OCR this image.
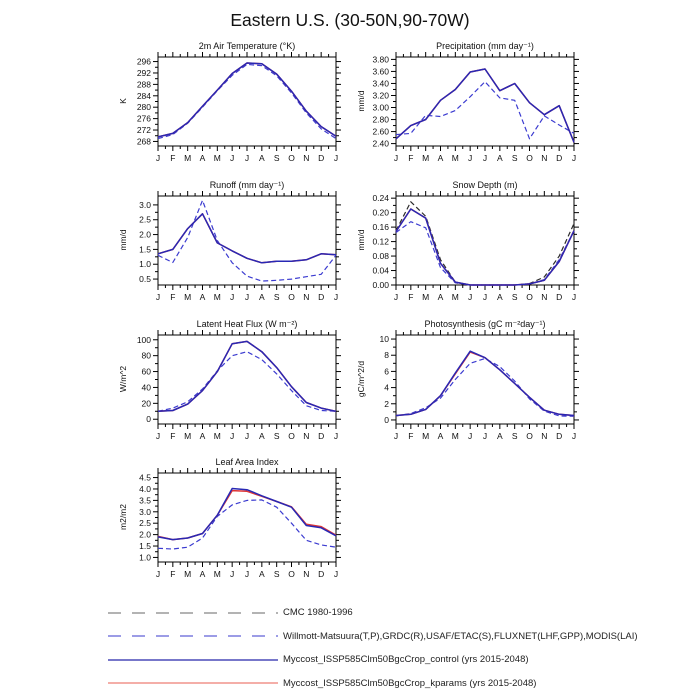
Eastern U.S. (30-50N,90-70W)
2m Air Temperature (°K)
K
268
272
276
280
284
288
292
296
J F M A M J J A S O N D J
Precipitation (mm day⁻¹)
mm/d
2.40
2.60
2.80
3.00
3.20
3.40
3.60
3.80
J F M A M J J A S O N D J
Runoff (mm day⁻¹)
mm/d
0.5
1.0
1.5
2.0
2.5
3.0
J F M A M J J A S O N D J
Snow Depth (m)
mm/d
0.00
0.04
0.08
0.12
0.16
0.20
0.24
J F M A M J J A S O N D J
Latent Heat Flux (W m⁻²)
W/m^2
0
20
40
60
80
100
J F M A M J J A S O N D J
Photosynthesis (gC m⁻²day⁻¹)
gC/m^2/d
0
2
4
6
8
10
J F M A M J J A S O N D J
Leaf Area Index
m2/m2
1.0
1.5
2.0
2.5
3.0
3.5
4.0
4.5
J F M A M J J A S O N D J
CMC 1980-1996
Willmott-Matsuura(T,P),GRDC(R),USAF/ETAC(S),FLUXNET(LHF,GPP),MODIS(LAI)
Myccost_ISSP585Clm50BgcCrop_control (yrs 2015-2048)
Myccost_ISSP585Clm50BgcCrop_kparams (yrs 2015-2048)
